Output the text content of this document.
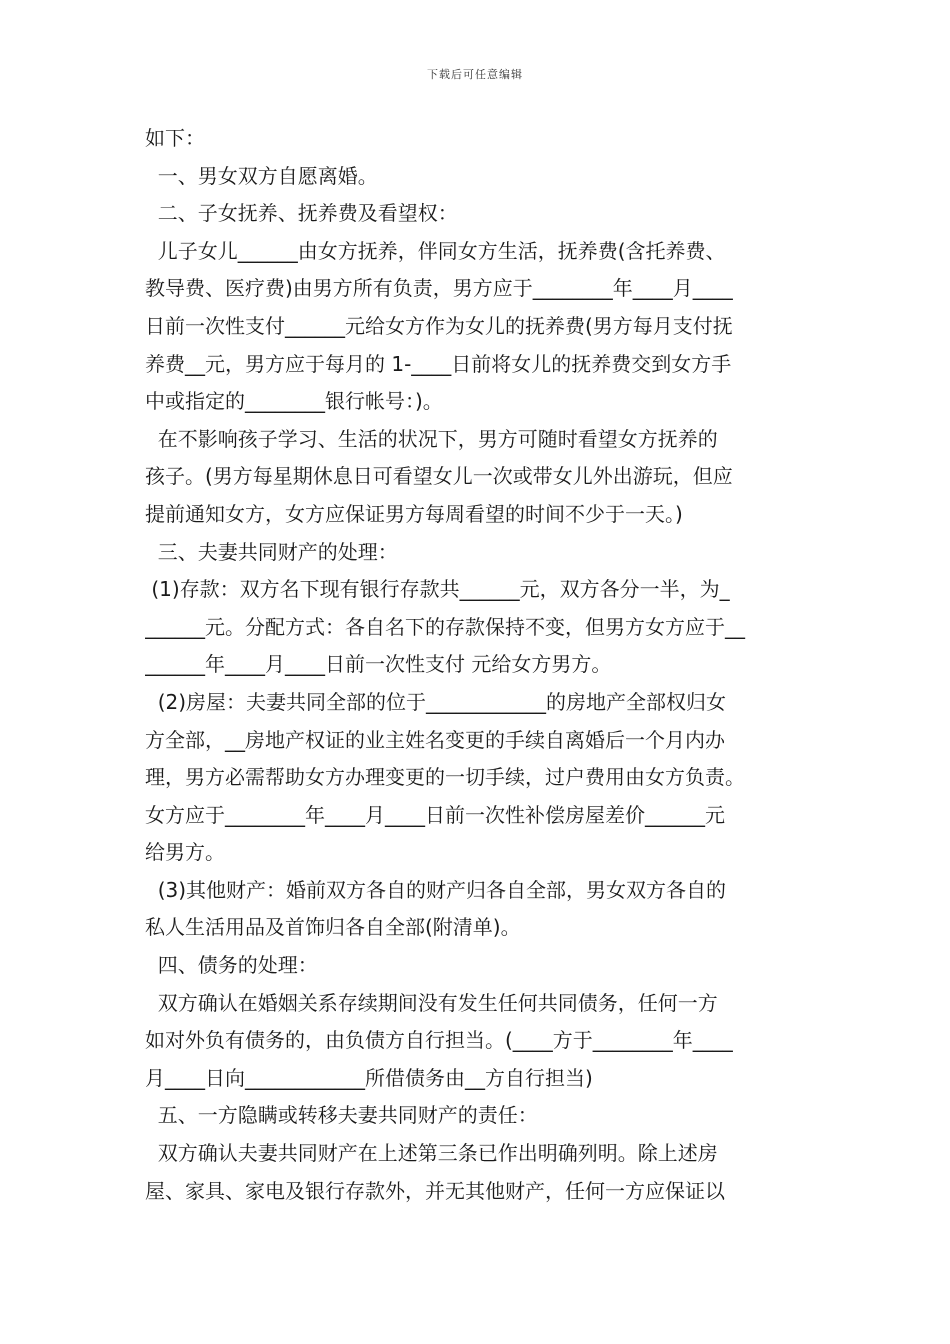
下载后可任意编辑
如下：
一、男女双方自愿离婚。
二、子女抚养、抚养费及看望权：
儿子女儿______由女方抚养，伴同女方生活，抚养费(含托养费、
教导费、医疗费)由男方所有负责，男方应于________年____月____
日前一次性支付______元给女方作为女儿的抚养费(男方每月支付抚
养费__元，男方应于每月的 1-____日前将女儿的抚养费交到女方手
中或指定的________银行帐号：)。
在不影响孩子学习、生活的状况下，男方可随时看望女方抚养的
孩子。(男方每星期休息日可看望女儿一次或带女儿外出游玩，但应
提前通知女方，女方应保证男方每周看望的时间不少于一天。)
三、夫妻共同财产的处理：
(1)存款：双方名下现有银行存款共______元，双方各分一半，为_
______元。分配方式：各自名下的存款保持不变，但男方女方应于__
______年____月____日前一次性支付 元给女方男方。
(2)房屋：夫妻共同全部的位于____________的房地产全部权归女
方全部，__房地产权证的业主姓名变更的手续自离婚后一个月内办
理，男方必需帮助女方办理变更的一切手续，过户费用由女方负责。
女方应于________年____月____日前一次性补偿房屋差价______元
给男方。
(3)其他财产：婚前双方各自的财产归各自全部，男女双方各自的
私人生活用品及首饰归各自全部(附清单)。
四、债务的处理：
双方确认在婚姻关系存续期间没有发生任何共同债务，任何一方
如对外负有债务的，由负债方自行担当。(____方于________年____
月____日向____________所借债务由__方自行担当)
五、一方隐瞒或转移夫妻共同财产的责任：
双方确认夫妻共同财产在上述第三条已作出明确列明。除上述房
屋、家具、家电及银行存款外，并无其他财产，任何一方应保证以
